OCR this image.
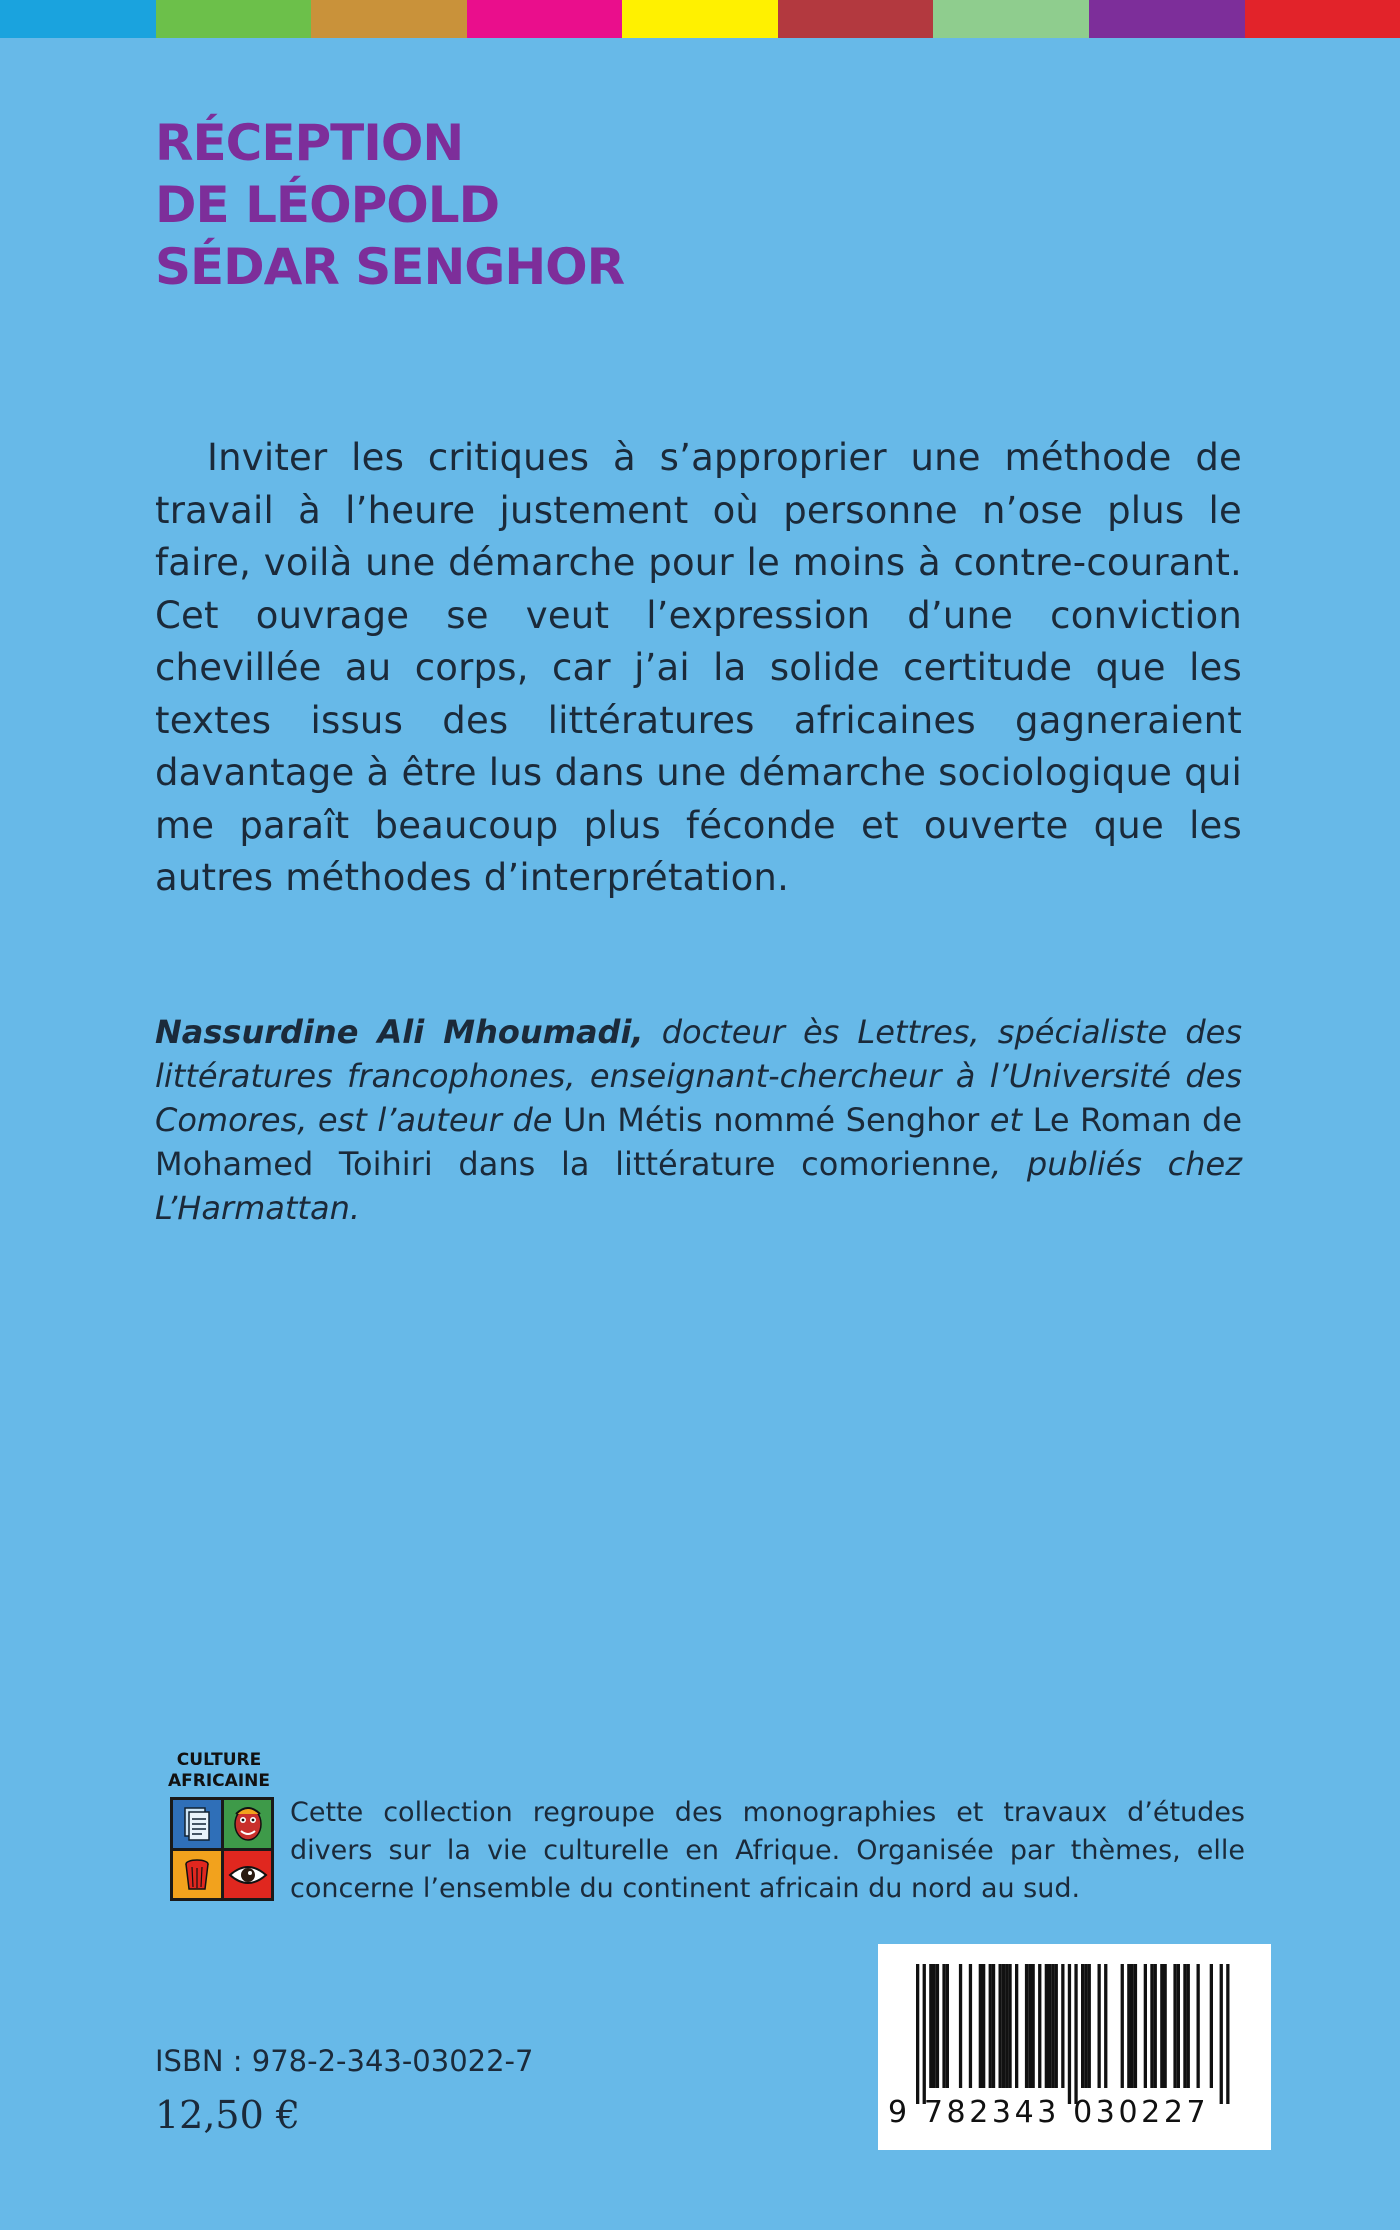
RÉCEPTION
DE LÉOPOLD
SÉDAR SENGHOR

Inviter les critiques à s’approprier une méthode de travail à l’heure justement où personne n’ose plus le faire, voilà une démarche pour le moins à contre-courant. Cet ouvrage se veut l’expression d’une conviction chevillée au corps, car j’ai la solide certitude que les textes issus des littératures africaines gagneraient davantage à être lus dans une démarche sociologique qui me paraît beaucoup plus féconde et ouverte que les autres méthodes d’interprétation.

Nassurdine Ali Mhoumadi, docteur ès Lettres, spécialiste des littératures francophones, enseignant-chercheur à l’Université des Comores, est l’auteur de Un Métis nommé Senghor et Le Roman de Mohamed Toihiri dans la littérature comorienne, publiés chez L’Harmattan.

CULTURE
AFRICAINE
Cette collection regroupe des monographies et travaux d’études divers sur la vie culturelle en Afrique. Organisée par thèmes, elle concerne l’ensemble du continent africain du nord au sud.
ISBN : 978-2-343-03022-7
12,50 €	9 782343 030227
